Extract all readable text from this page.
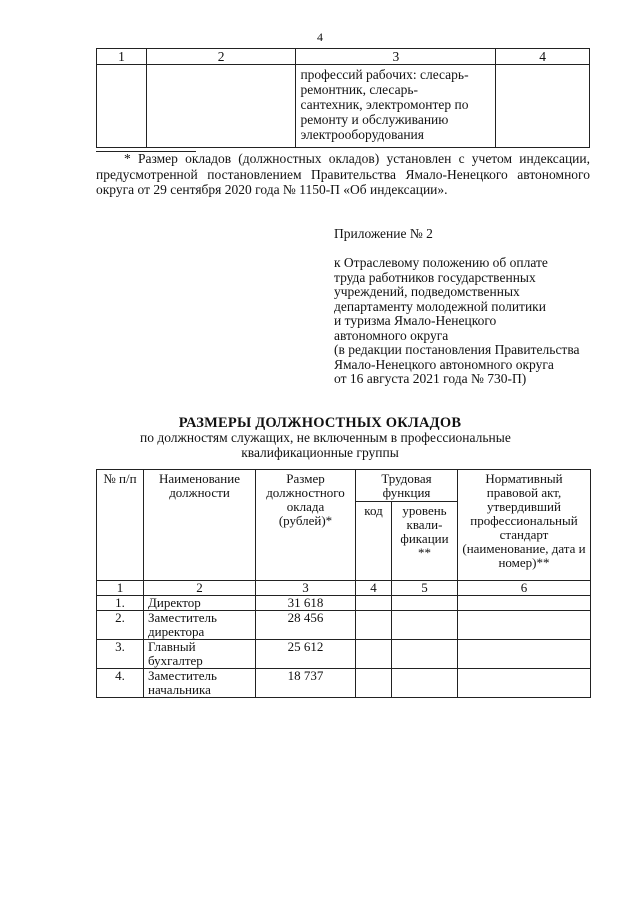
4
1	2	3	4

		профессий рабочих: слесарь-
ремонтник, слесарь-
сантехник, электромонтер по
ремонту и обслуживанию
электрооборудования	

* Размер окладов (должностных окладов) установлен с учетом индексации, предусмотренной постановлением Правительства Ямало-Ненецкого автономного округа от 29 сентября 2020 года № 1150-П «Об индексации».
Приложение № 2
к Отраслевому положению об оплате
труда работников государственных
учреждений, подведомственных
департаменту молодежной политики
и туризма Ямало-Ненецкого
автономного округа
(в редакции постановления Правительства
Ямало-Ненецкого автономного округа
от 16 августа 2021 года № 730-П)
РАЗМЕРЫ ДОЛЖНОСТНЫХ ОКЛАДОВ
по должностям служащих, не включенным в профессиональные
квалификационные группы
№ п/п	Наименование должности	Размер должностного оклада (рублей)*	Трудовая функция		Нормативный правовой акт, утвердивший профессиональный стандарт (наименование, дата и номер)**
			код	уровень квали- фикации **	
1	2	3	4	5	6
1.	Директор	31 618			
2.	Заместитель директора	28 456			
3.	Главный бухгалтер	25 612			
4.	Заместитель начальника	18 737			
